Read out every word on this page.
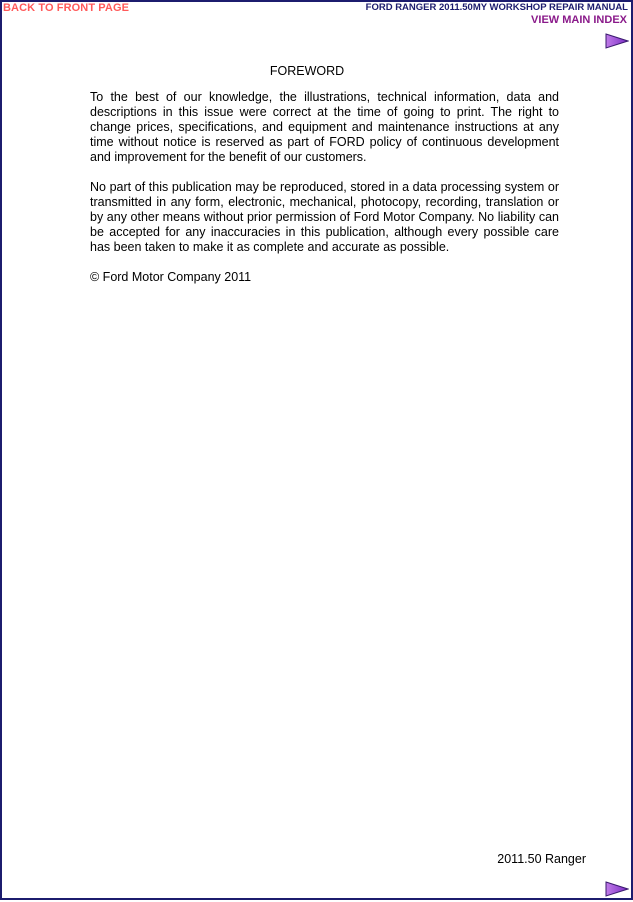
BACK TO FRONT PAGE	FORD RANGER 2011.50MY WORKSHOP REPAIR MANUAL
VIEW MAIN INDEX
FOREWORD

To the best of our knowledge, the illustrations, technical information, data and descriptions in this issue were correct at the time of going to print. The right to change prices, specifications, and equipment and maintenance instructions at any time without notice is reserved as part of FORD policy of continuous development and improvement for the benefit of our customers.

No part of this publication may be reproduced, stored in a data processing system or transmitted in any form, electronic, mechanical, photocopy, recording, translation or by any other means without prior permission of Ford Motor Company. No liability can be accepted for any inaccuracies in this publication, although every possible care has been taken to make it as complete and accurate as possible.

© Ford Motor Company 2011

2011.50 Ranger
